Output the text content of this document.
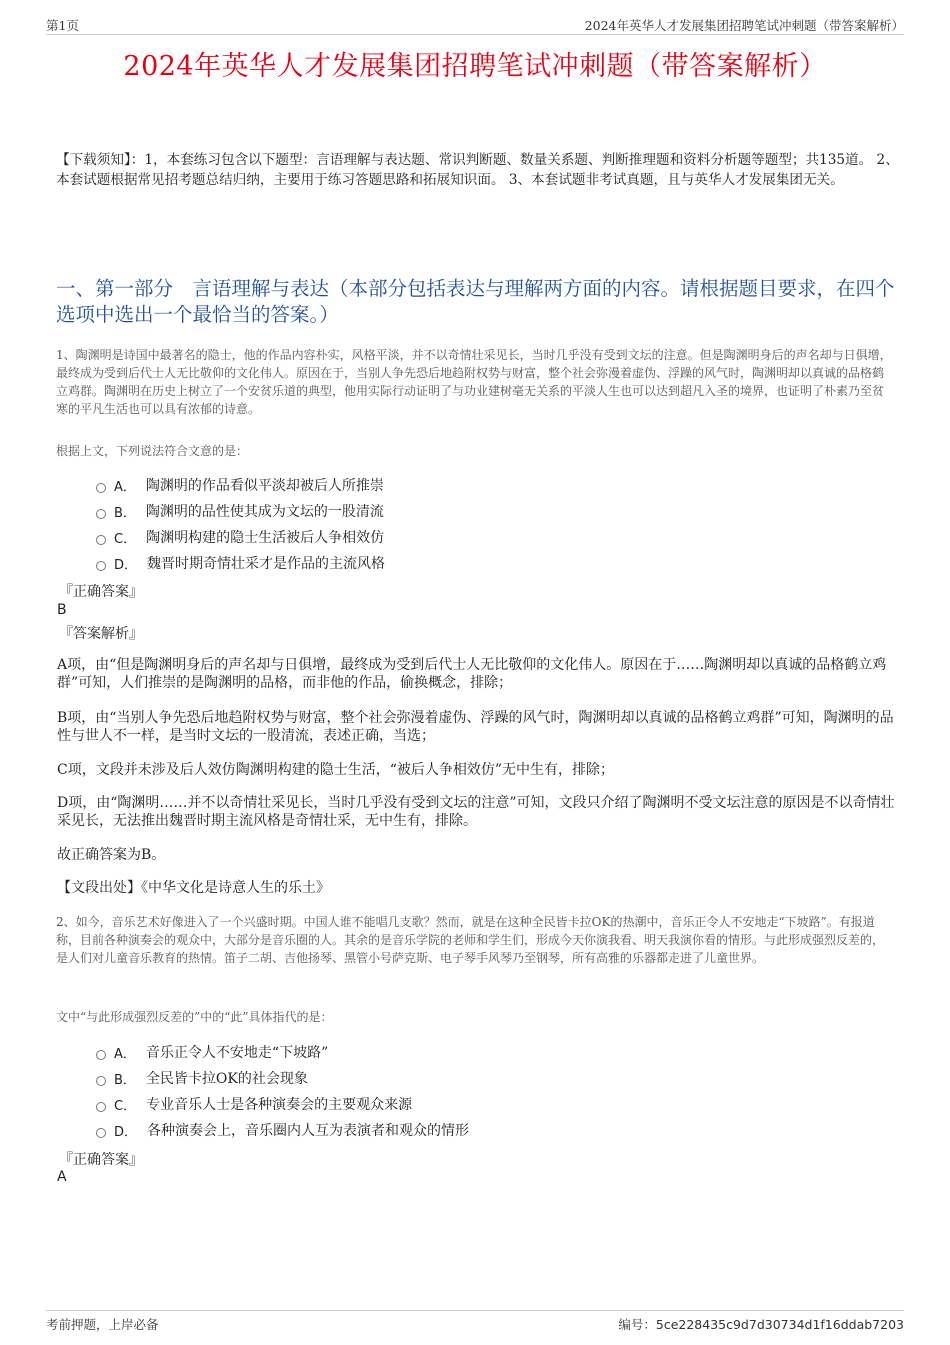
第1页	2024年英华人才发展集团招聘笔试冲刺题（带答案解析）
2024年英华人才发展集团招聘笔试冲刺题（带答案解析）
【下载须知】：1，本套练习包含以下题型：言语理解与表达题、常识判断题、数量关系题、判断推理题和资料分析题等题型；共135道。 2、本套试题根据常见招考题总结归纳，主要用于练习答题思路和拓展知识面。 3、本套试题非考试真题，且与英华人才发展集团无关。
一、第一部分　言语理解与表达（本部分包括表达与理解两方面的内容。请根据题目要求，在四个选项中选出一个最恰当的答案。）
1、陶渊明是诗国中最著名的隐士，他的作品内容朴实，风格平淡，并不以奇情壮采见长，当时几乎没有受到文坛的注意。但是陶渊明身后的声名却与日俱增，最终成为受到后代士人无比敬仰的文化伟人。原因在于，当别人争先恐后地趋附权势与财富，整个社会弥漫着虚伪、浮躁的风气时，陶渊明却以真诚的品格鹤立鸡群。陶渊明在历史上树立了一个安贫乐道的典型，他用实际行动证明了与功业建树毫无关系的平淡人生也可以达到超凡入圣的境界，也证明了朴素乃至贫寒的平凡生活也可以具有浓郁的诗意。
根据上文，下列说法符合文意的是：
A． 陶渊明的作品看似平淡却被后人所推崇
B． 陶渊明的品性使其成为文坛的一股清流
C． 陶渊明构建的隐士生活被后人争相效仿
D． 魏晋时期奇情壮采才是作品的主流风格
『正确答案』
B
『答案解析』
A项，由“但是陶渊明身后的声名却与日俱增，最终成为受到后代士人无比敬仰的文化伟人。原因在于……陶渊明却以真诚的品格鹤立鸡群”可知，人们推崇的是陶渊明的品格，而非他的作品，偷换概念，排除；
B项，由“当别人争先恐后地趋附权势与财富，整个社会弥漫着虚伪、浮躁的风气时，陶渊明却以真诚的品格鹤立鸡群”可知，陶渊明的品性与世人不一样，是当时文坛的一股清流，表述正确，当选；
C项，文段并未涉及后人效仿陶渊明构建的隐士生活，“被后人争相效仿”无中生有，排除；
D项，由“陶渊明……并不以奇情壮采见长，当时几乎没有受到文坛的注意”可知，文段只介绍了陶渊明不受文坛注意的原因是不以奇情壮采见长，无法推出魏晋时期主流风格是奇情壮采，无中生有，排除。
故正确答案为B。
【文段出处】《中华文化是诗意人生的乐土》
2、如今，音乐艺术好像进入了一个兴盛时期。中国人谁不能唱几支歌？然而，就是在这种全民皆卡拉OK的热潮中，音乐正令人不安地走“下坡路”。有报道称，目前各种演奏会的观众中，大部分是音乐圈的人。其余的是音乐学院的老师和学生们，形成今天你演我看、明天我演你看的情形。与此形成强烈反差的，是人们对儿童音乐教育的热情。笛子二胡、吉他扬琴、黑管小号萨克斯、电子琴手风琴乃至钢琴，所有高雅的乐器都走进了儿童世界。
文中“与此形成强烈反差的”中的“此”具体指代的是：
A． 音乐正令人不安地走“下坡路”
B． 全民皆卡拉OK的社会现象
C． 专业音乐人士是各种演奏会的主要观众来源
D． 各种演奏会上，音乐圈内人互为表演者和观众的情形
『正确答案』
A
考前押题，上岸必备	编号：5ce228435c9d7d30734d1f16ddab7203
